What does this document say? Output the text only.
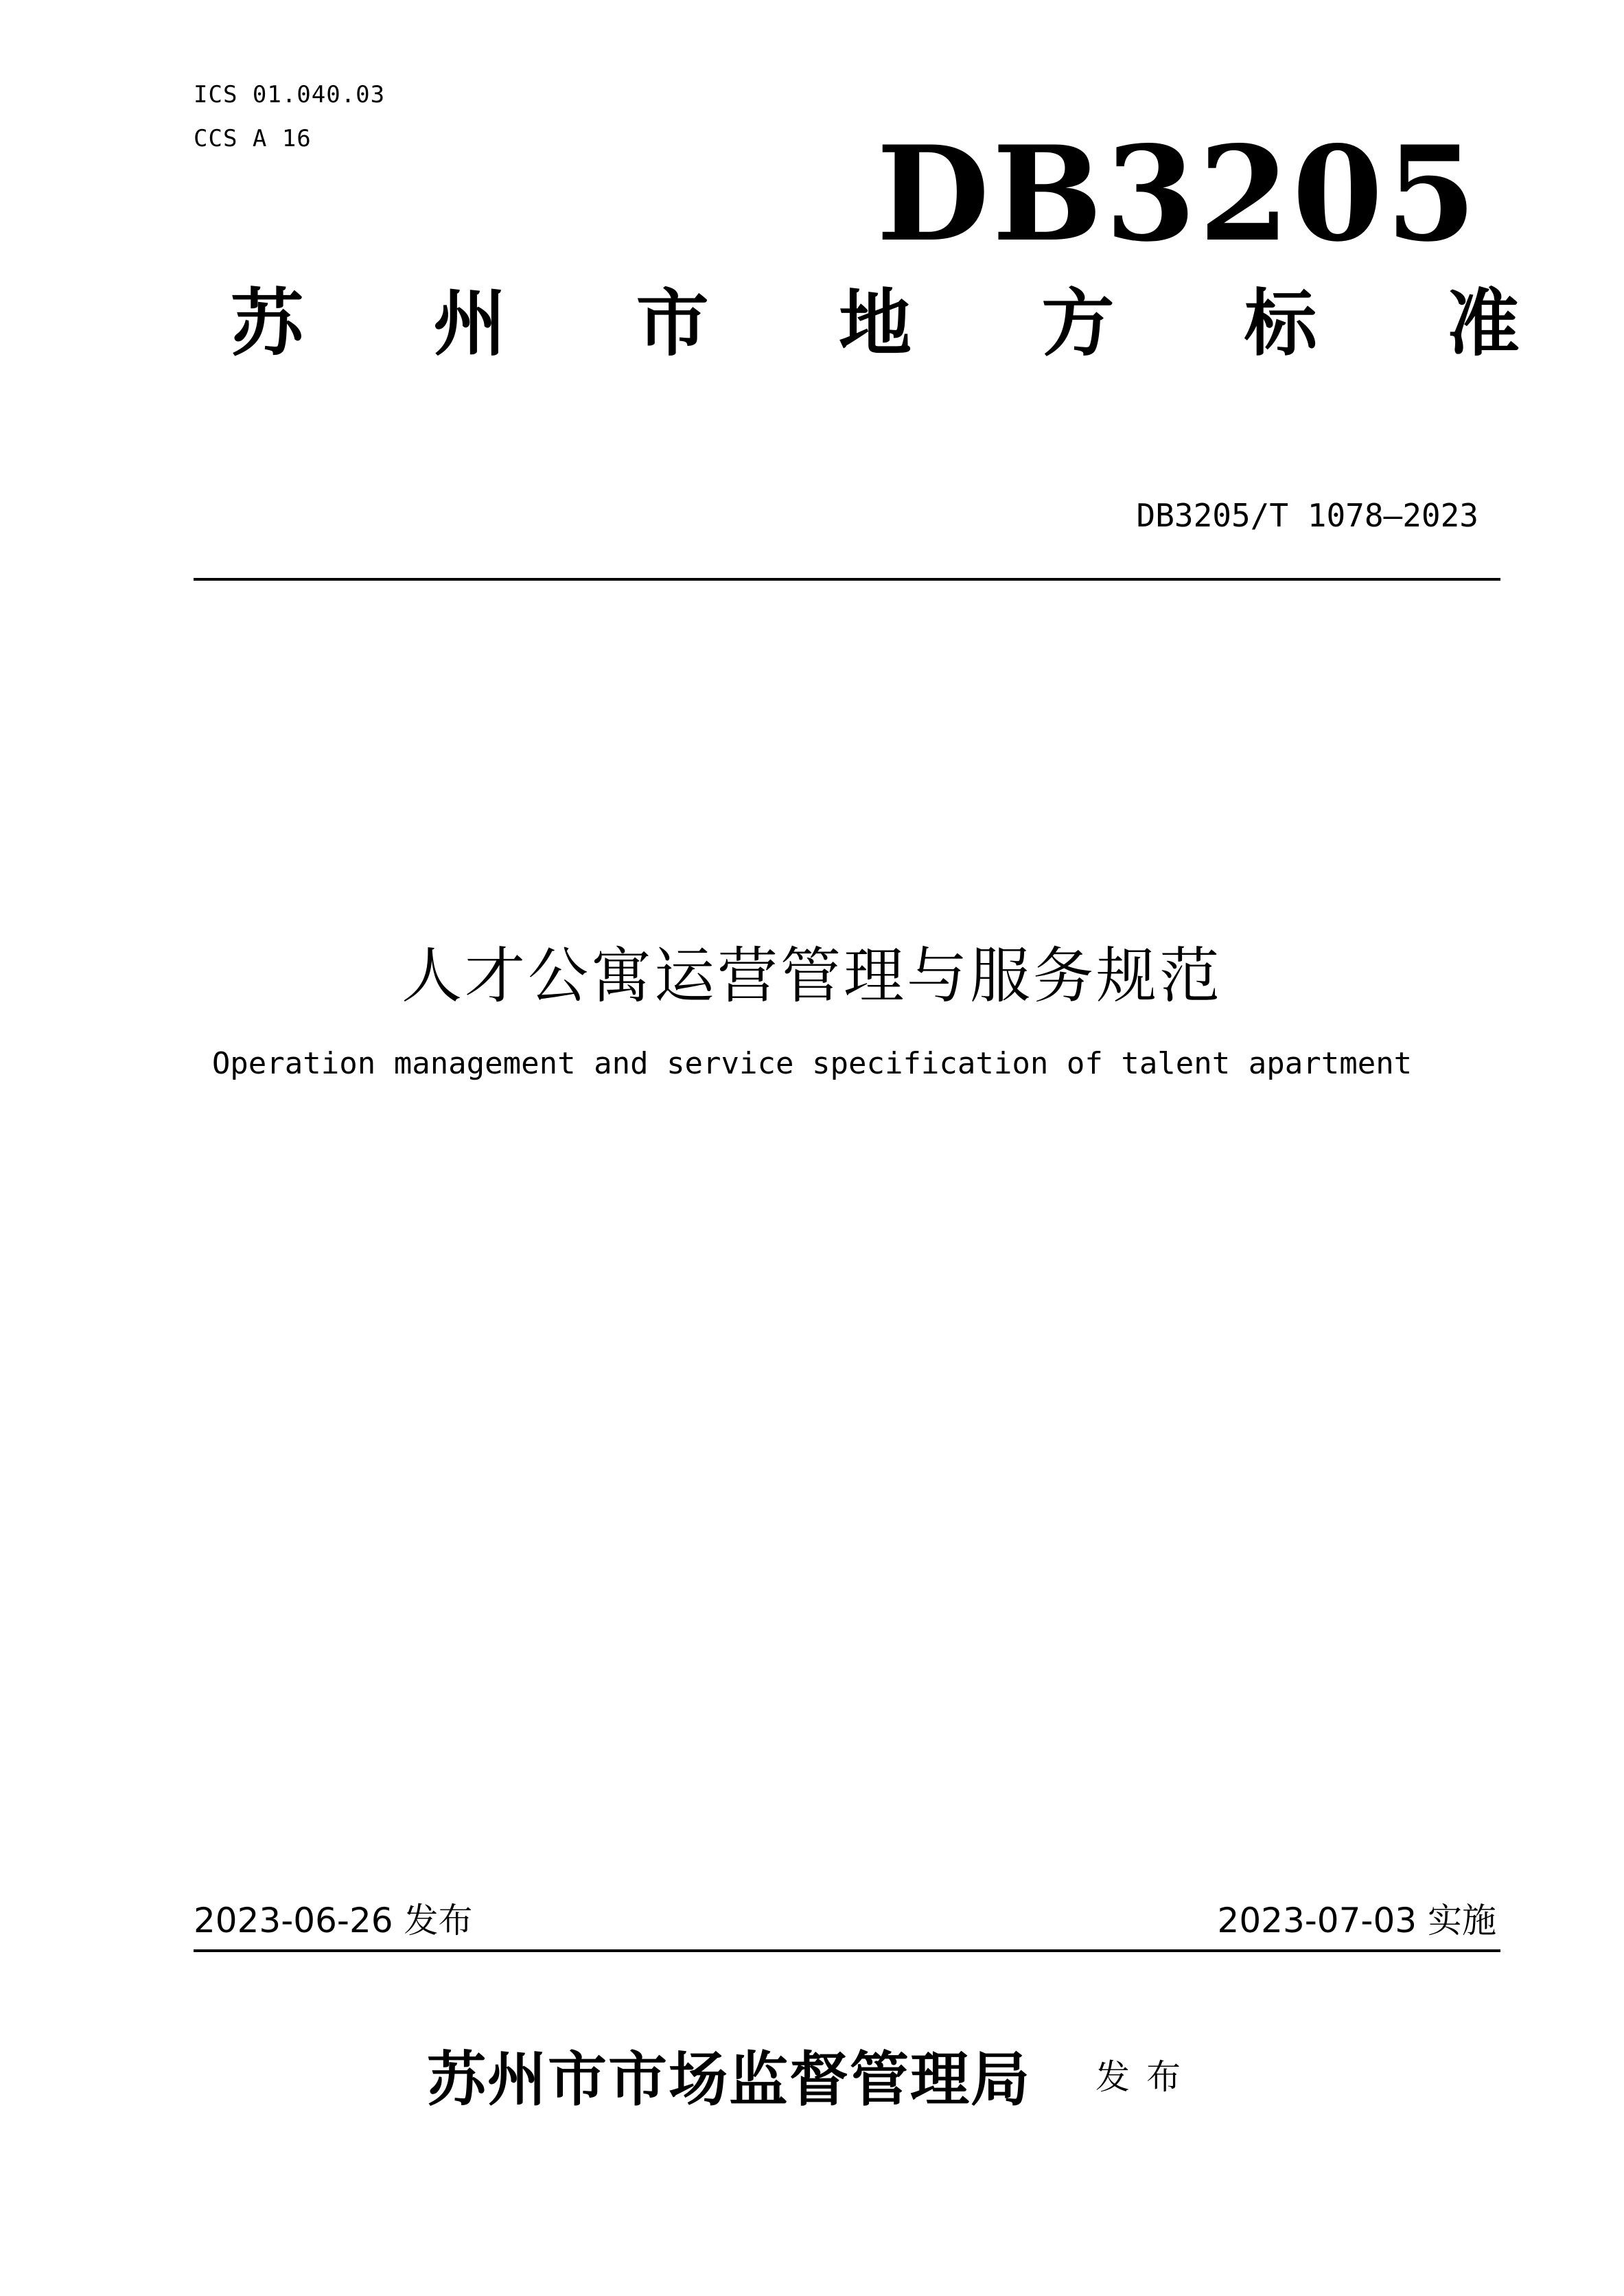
ICS 01.040.03
CCS A 16	DB3205
苏 州 市 地 方 标 准
DB3205/T 1078—2023
人才公寓运营管理与服务规范
Operation management and service specification of talent apartment
2023-06-26 发布	2023-07-03 实施
苏州市市场监督管理局 发布
